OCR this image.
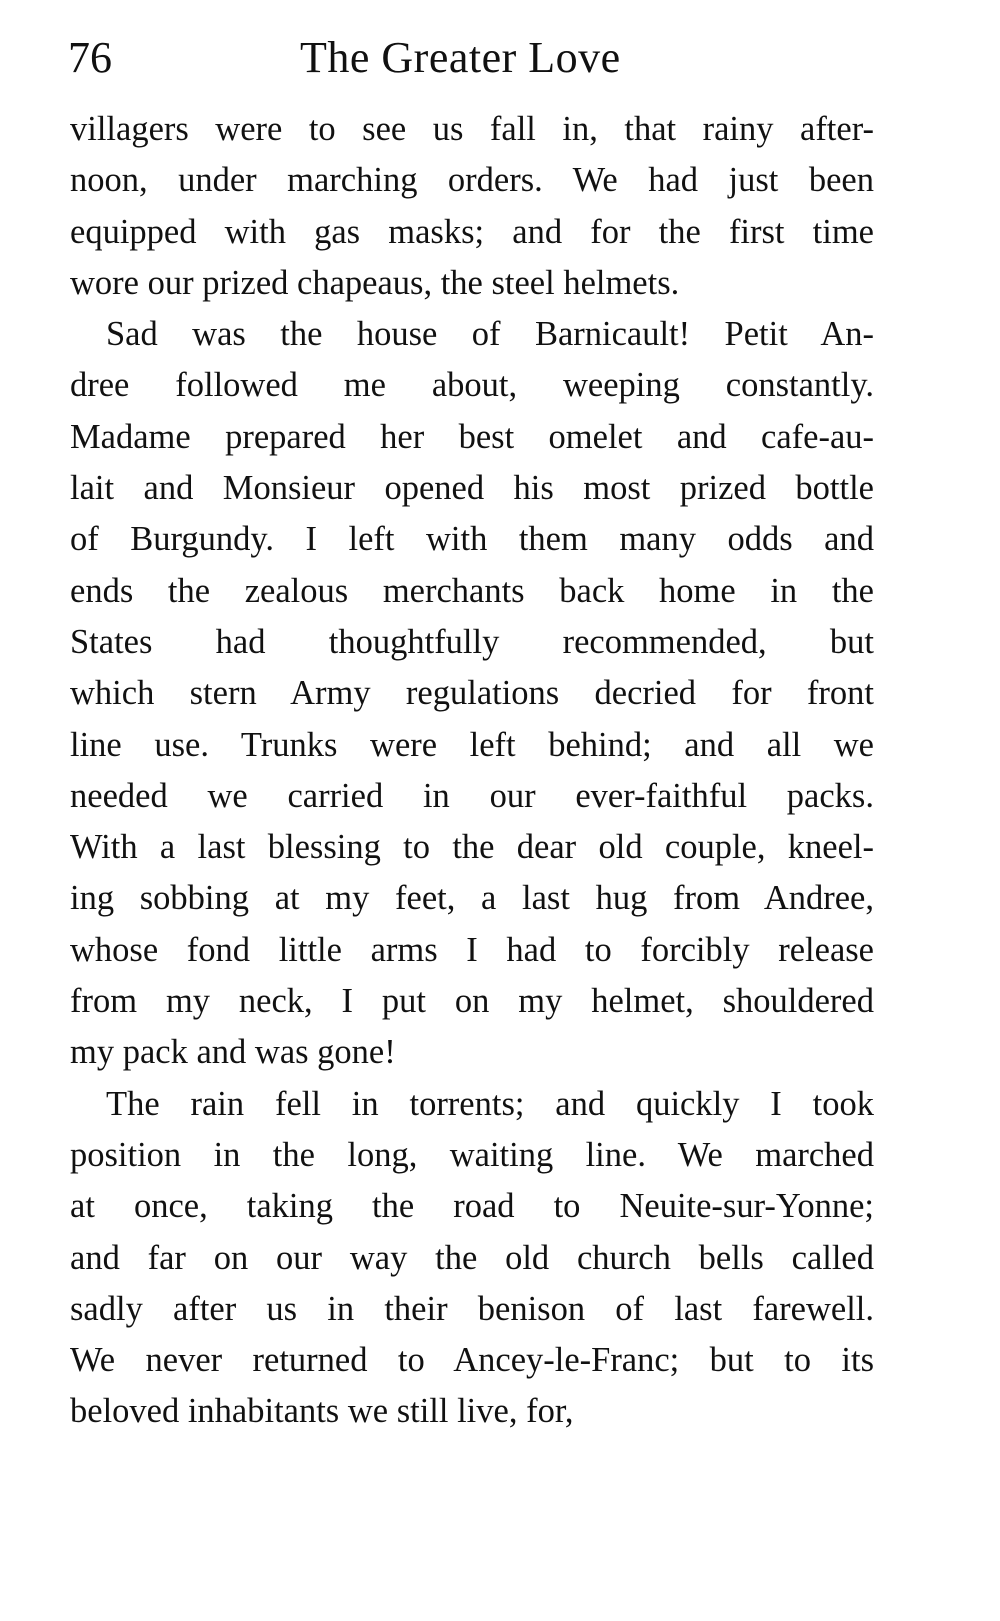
76	The Greater Love
villagers were to see us fall in, that rainy after-
noon, under marching orders. We had just been
equipped with gas masks; and for the first time
wore our prized chapeaus, the steel helmets.
Sad was the house of Barnicault! Petit An-
dree followed me about, weeping constantly.
Madame prepared her best omelet and cafe-au-
lait and Monsieur opened his most prized bottle
of Burgundy. I left with them many odds and
ends the zealous merchants back home in the
States had thoughtfully recommended, but
which stern Army regulations decried for front
line use. Trunks were left behind; and all we
needed we carried in our ever-faithful packs.
With a last blessing to the dear old couple, kneel-
ing sobbing at my feet, a last hug from Andree,
whose fond little arms I had to forcibly release
from my neck, I put on my helmet, shouldered
my pack and was gone!
The rain fell in torrents; and quickly I took
position in the long, waiting line. We marched
at once, taking the road to Neuite-sur-Yonne;
and far on our way the old church bells called
sadly after us in their benison of last farewell.
We never returned to Ancey-le-Franc; but to its
beloved inhabitants we still live, for,
